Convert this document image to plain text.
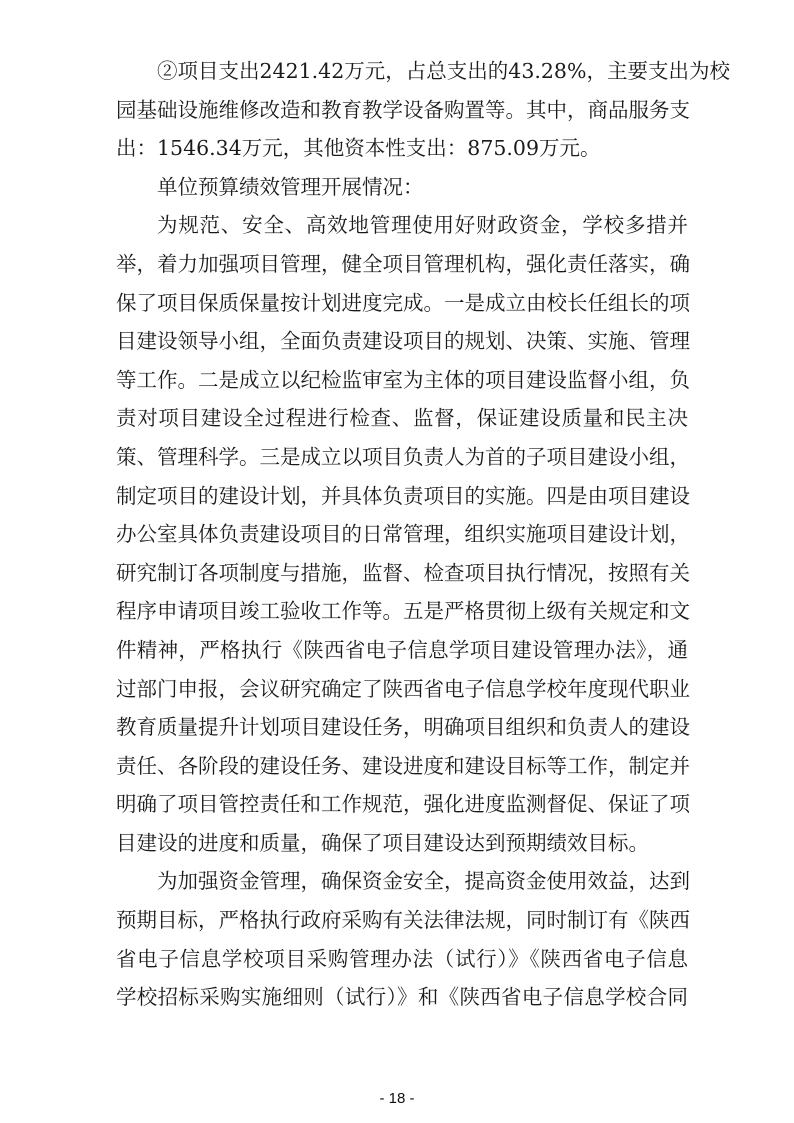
②项目支出2421.42万元，占总支出的43.28%，主要支出为校
园基础设施维修改造和教育教学设备购置等。其中，商品服务支
出：1546.34万元，其他资本性支出：875.09万元。
单位预算绩效管理开展情况：
为规范、安全、高效地管理使用好财政资金，学校多措并
举，着力加强项目管理，健全项目管理机构，强化责任落实，确
保了项目保质保量按计划进度完成。一是成立由校长任组长的项
目建设领导小组，全面负责建设项目的规划、决策、实施、管理
等工作。二是成立以纪检监审室为主体的项目建设监督小组，负
责对项目建设全过程进行检查、监督，保证建设质量和民主决
策、管理科学。三是成立以项目负责人为首的子项目建设小组，
制定项目的建设计划，并具体负责项目的实施。四是由项目建设
办公室具体负责建设项目的日常管理，组织实施项目建设计划，
研究制订各项制度与措施，监督、检查项目执行情况，按照有关
程序申请项目竣工验收工作等。五是严格贯彻上级有关规定和文
件精神，严格执行《陕西省电子信息学项目建设管理办法》，通
过部门申报，会议研究确定了陕西省电子信息学校年度现代职业
教育质量提升计划项目建设任务，明确项目组织和负责人的建设
责任、各阶段的建设任务、建设进度和建设目标等工作，制定并
明确了项目管控责任和工作规范，强化进度监测督促、保证了项
目建设的进度和质量，确保了项目建设达到预期绩效目标。
为加强资金管理，确保资金安全，提高资金使用效益，达到
预期目标，严格执行政府采购有关法律法规，同时制订有《陕西
省电子信息学校项目采购管理办法（试行）》《陕西省电子信息
学校招标采购实施细则（试行）》和《陕西省电子信息学校合同
- 18 -
